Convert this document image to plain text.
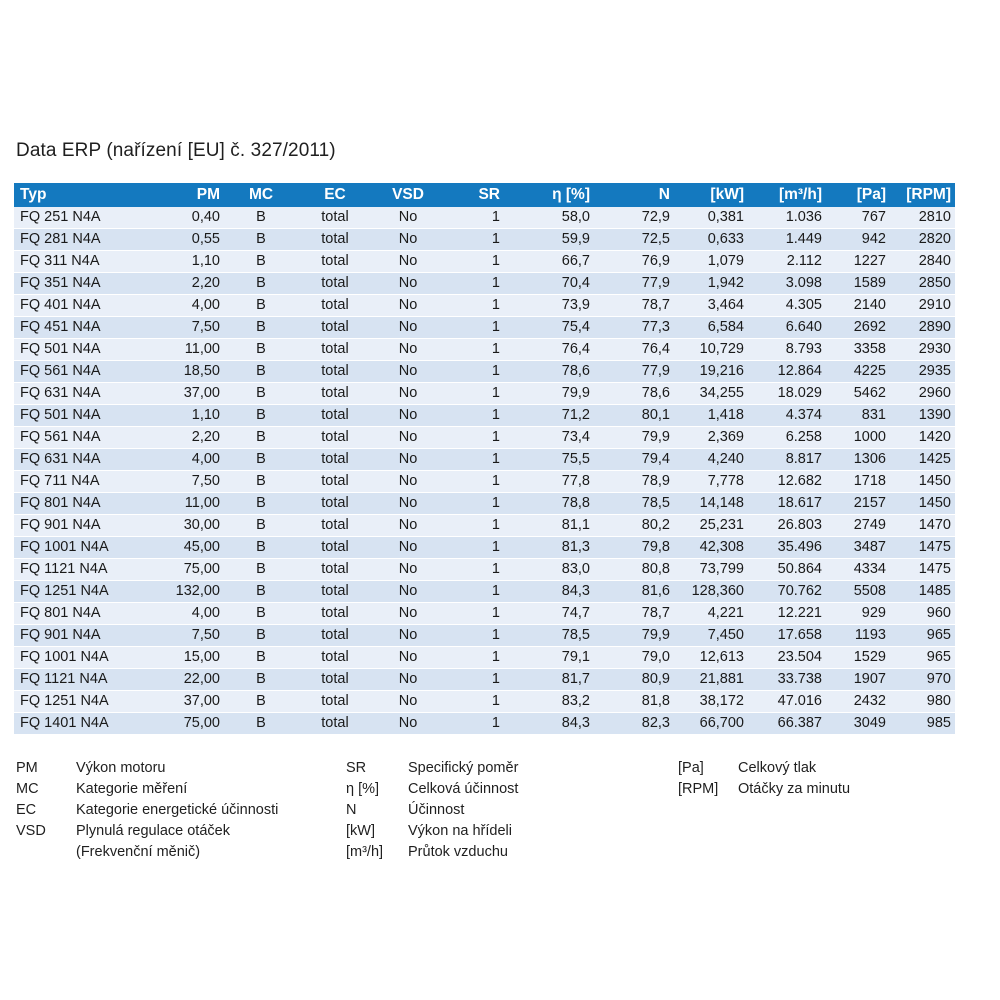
Data ERP (nařízení [EU] č. 327/2011)
Typ	PM	MC	EC	VSD	SR	η [%]	N	[kW]	[m³/h]	[Pa]	[RPM]
FQ 251 N4A	0,40	B	total	No	1	58,0	72,9	0,381	1.036	767	2810
FQ 281 N4A	0,55	B	total	No	1	59,9	72,5	0,633	1.449	942	2820
FQ 311 N4A	1,10	B	total	No	1	66,7	76,9	1,079	2.112	1227	2840
FQ 351 N4A	2,20	B	total	No	1	70,4	77,9	1,942	3.098	1589	2850
FQ 401 N4A	4,00	B	total	No	1	73,9	78,7	3,464	4.305	2140	2910
FQ 451 N4A	7,50	B	total	No	1	75,4	77,3	6,584	6.640	2692	2890
FQ 501 N4A	11,00	B	total	No	1	76,4	76,4	10,729	8.793	3358	2930
FQ 561 N4A	18,50	B	total	No	1	78,6	77,9	19,216	12.864	4225	2935
FQ 631 N4A	37,00	B	total	No	1	79,9	78,6	34,255	18.029	5462	2960
FQ 501 N4A	1,10	B	total	No	1	71,2	80,1	1,418	4.374	831	1390
FQ 561 N4A	2,20	B	total	No	1	73,4	79,9	2,369	6.258	1000	1420
FQ 631 N4A	4,00	B	total	No	1	75,5	79,4	4,240	8.817	1306	1425
FQ 711 N4A	7,50	B	total	No	1	77,8	78,9	7,778	12.682	1718	1450
FQ 801 N4A	11,00	B	total	No	1	78,8	78,5	14,148	18.617	2157	1450
FQ 901 N4A	30,00	B	total	No	1	81,1	80,2	25,231	26.803	2749	1470
FQ 1001 N4A	45,00	B	total	No	1	81,3	79,8	42,308	35.496	3487	1475
FQ 1121 N4A	75,00	B	total	No	1	83,0	80,8	73,799	50.864	4334	1475
FQ 1251 N4A	132,00	B	total	No	1	84,3	81,6	128,360	70.762	5508	1485
FQ 801 N4A	4,00	B	total	No	1	74,7	78,7	4,221	12.221	929	960
FQ 901 N4A	7,50	B	total	No	1	78,5	79,9	7,450	17.658	1193	965
FQ 1001 N4A	15,00	B	total	No	1	79,1	79,0	12,613	23.504	1529	965
FQ 1121 N4A	22,00	B	total	No	1	81,7	80,9	21,881	33.738	1907	970
FQ 1251 N4A	37,00	B	total	No	1	83,2	81,8	38,172	47.016	2432	980
FQ 1401 N4A	75,00	B	total	No	1	84,3	82,3	66,700	66.387	3049	985
PM	Výkon motoru
MC	Kategorie měření
EC	Kategorie energetické účinnosti
VSD Plynulá regulace otáček
(Frekvenční měnič)
SR	Specifický poměr
η [%] Celková účinnost
N	Účinnost
[kW] Výkon na hřídeli
[m³/h] Průtok vzduchu
[Pa] Celkový tlak
[RPM] Otáčky za minutu
